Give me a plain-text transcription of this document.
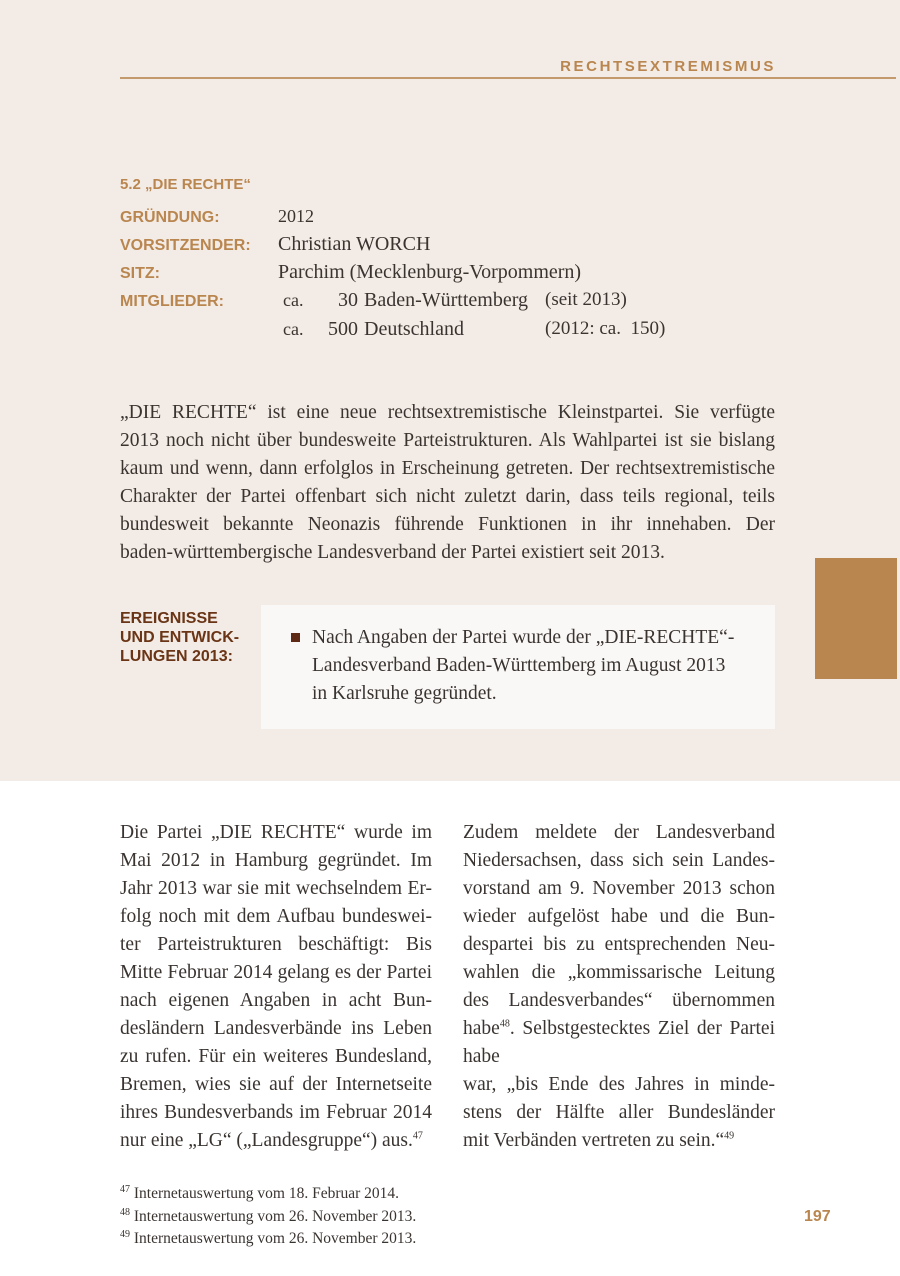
RECHTSEXTREMISMUS
5.2 „DIE RECHTE“
GRÜNDUNG:	2012
VORSITZENDER: Christian WORCH
SITZ:	Parchim (Mecklenburg-Vorpommern)
MITGLIEDER:	ca. 30 Baden-Württemberg (seit 2013)
ca. 500 Deutschland	(2012: ca.  150)
EREIGNISSE
UND ENTWICK-
LUNGEN 2013:
Nach Angaben der Partei wurde der „DIE-RECHTE“-
Landesverband Baden-Württemberg im August 2013
in Karlsruhe gegründet.
$^{47}$ Internetauswertung vom 18. Februar 2014.
$^{48}$ Internetauswertung vom 26. November 2013.
$^{49}$ Internetauswertung vom 26. November 2013.
197
„DIE RECHTE“ ist eine neue rechtsextremistische Kleinstpartei. Sie verfügte
2013 noch nicht über bundesweite Parteistrukturen. Als Wahlpartei ist sie bislang
kaum und wenn, dann erfolglos in Erscheinung getreten. Der rechtsextremistische
Charakter der Partei offenbart sich nicht zuletzt darin, dass teils regional, teils
bundesweit bekannte Neonazis führende Funktionen in ihr innehaben. Der
baden-württembergische Landesverband der Partei existiert seit 2013.
Die Partei „DIE RECHTE“ wurde im
Mai 2012 in Hamburg gegründet. Im
Jahr 2013 war sie mit wechselndem Er-
folg noch mit dem Aufbau bundeswei-
ter Parteistrukturen beschäftigt: Bis
Mitte Februar 2014 gelang es der Partei
nach eigenen Angaben in acht Bun-
desländern Landesverbände ins Leben
zu rufen. Für ein weiteres Bundesland,
Bremen, wies sie auf der Internetseite
ihres Bundesverbands im Februar 2014
nur eine „LG“ („Landesgruppe“) aus.$^{47}$
Zudem meldete der Landesverband
Niedersachsen, dass sich sein Landes-
vorstand am 9. November 2013 schon
wieder aufgelöst habe und die Bun-
despartei bis zu entsprechenden Neu-
wahlen die „kommissarische Leitung
des Landesverbandes“ übernommen
habe
war, „bis Ende des Jahres in minde-
stens der Hälfte aller Bundesländer
mit Verbänden vertreten zu sein.“$^{49}$
habe$^{48}$. Selbstgestecktes Ziel der Partei
